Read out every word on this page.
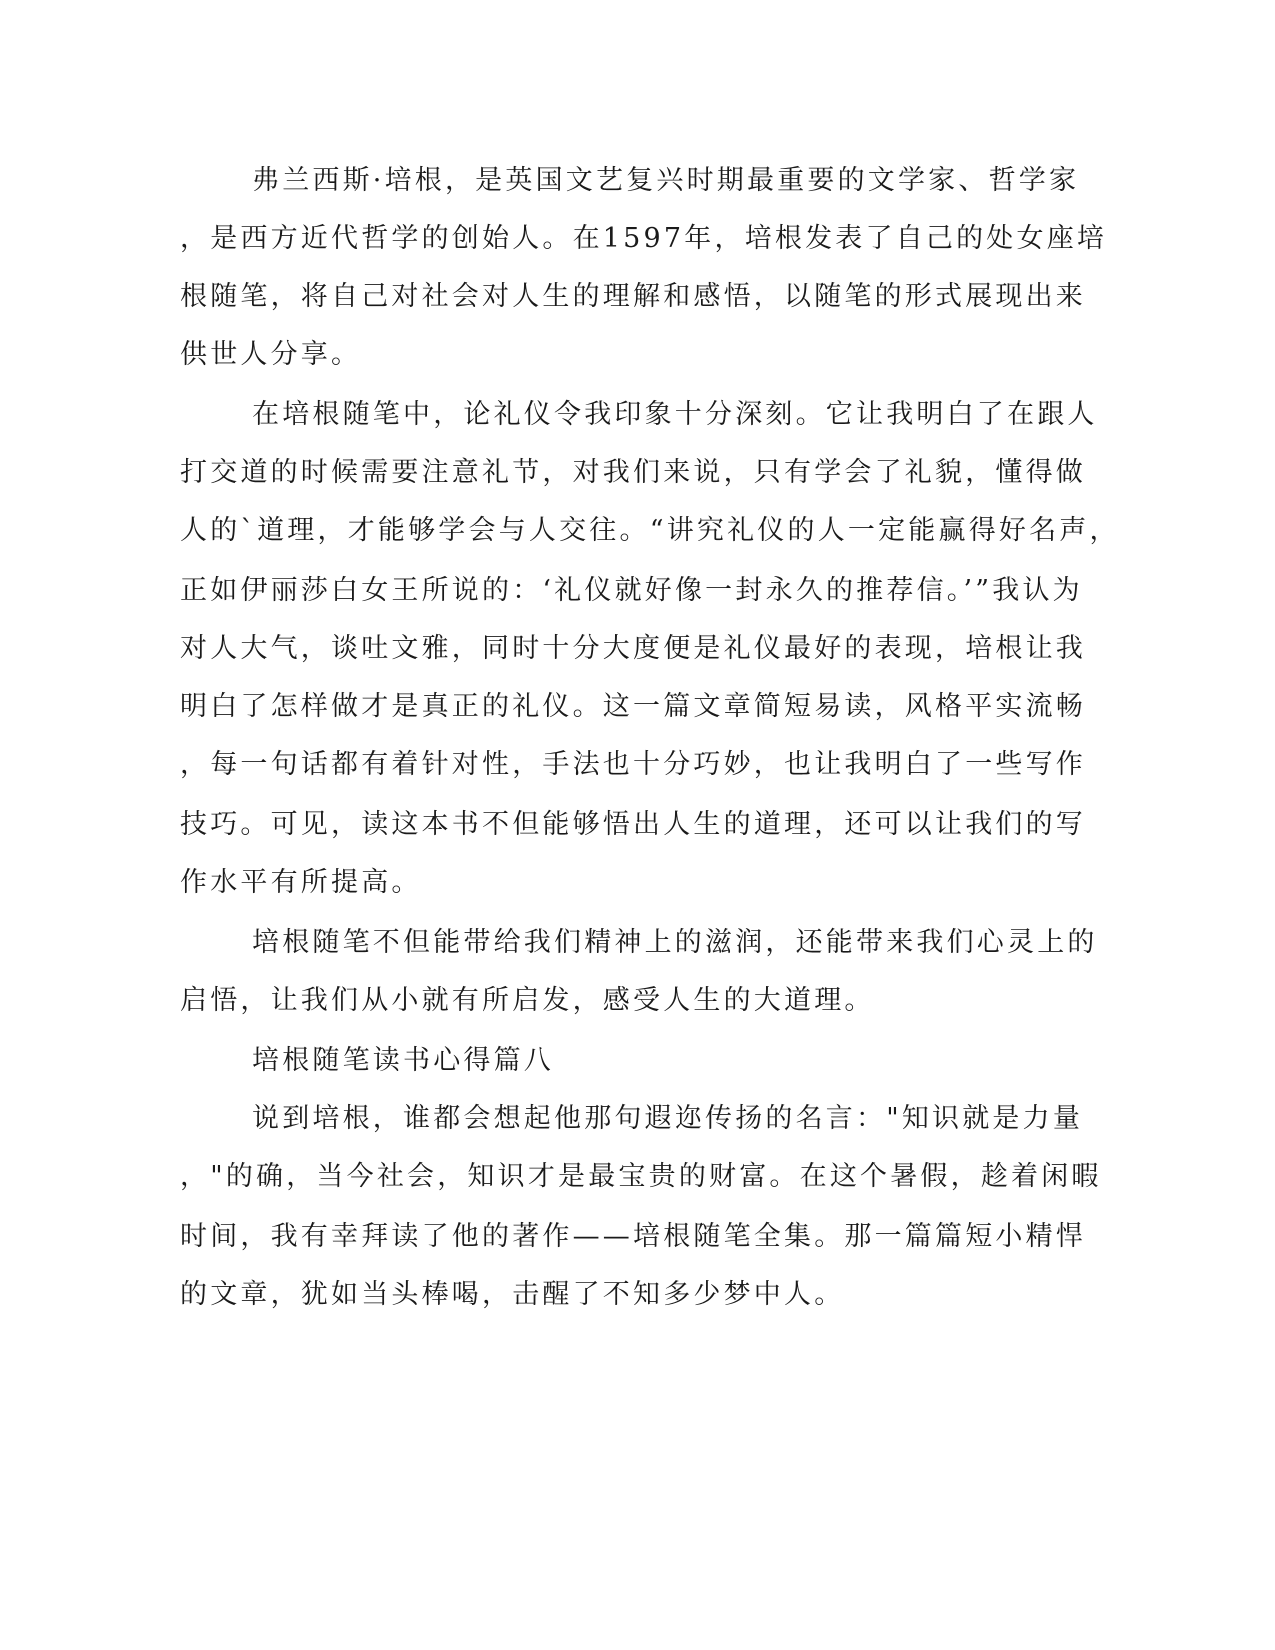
弗兰西斯·培根，是英国文艺复兴时期最重要的文学家、哲学家
，是西方近代哲学的创始人。在1597年，培根发表了自己的处女座培
根随笔，将自己对社会对人生的理解和感悟，以随笔的形式展现出来
供世人分享。
在培根随笔中，论礼仪令我印象十分深刻。它让我明白了在跟人
打交道的时候需要注意礼节，对我们来说，只有学会了礼貌，懂得做
人的`道理，才能够学会与人交往。“讲究礼仪的人一定能赢得好名声，
正如伊丽莎白女王所说的：‘礼仪就好像一封永久的推荐信。’”我认为
对人大气，谈吐文雅，同时十分大度便是礼仪最好的表现，培根让我
明白了怎样做才是真正的礼仪。这一篇文章简短易读，风格平实流畅
，每一句话都有着针对性，手法也十分巧妙，也让我明白了一些写作
技巧。可见，读这本书不但能够悟出人生的道理，还可以让我们的写
作水平有所提高。
培根随笔不但能带给我们精神上的滋润，还能带来我们心灵上的
启悟，让我们从小就有所启发，感受人生的大道理。
培根随笔读书心得篇八
说到培根，谁都会想起他那句遐迩传扬的名言："知识就是力量
，"的确，当今社会，知识才是最宝贵的财富。在这个暑假，趁着闲暇
时间，我有幸拜读了他的著作——培根随笔全集。那一篇篇短小精悍
的文章，犹如当头棒喝，击醒了不知多少梦中人。
